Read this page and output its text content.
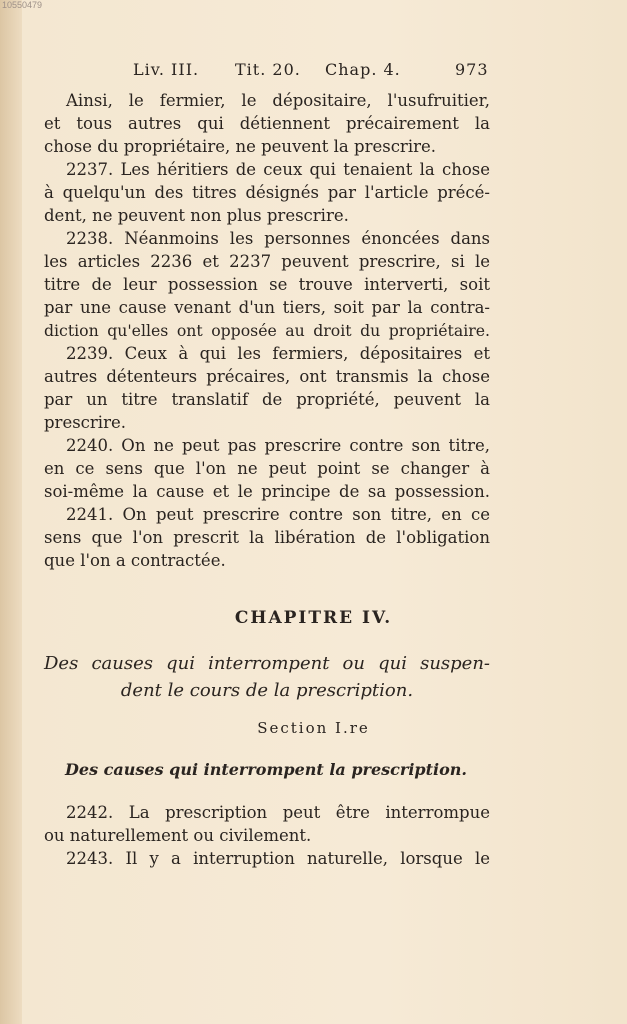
10550479
Liv. III. Tit. 20. Chap. 4.	973
Ainsi, le fermier, le dépositaire, l'usufruitier,
et tous autres qui détiennent précairement la
chose du propriétaire, ne peuvent la prescrire.
2237. Les héritiers de ceux qui tenaient la chose
à quelqu'un des titres désignés par l'article précé-
dent, ne peuvent non plus prescrire.
2238. Néanmoins les personnes énoncées dans
les articles 2236 et 2237 peuvent prescrire, si le
titre de leur possession se trouve interverti, soit
par une cause venant d'un tiers, soit par la contra-
diction qu'elles ont opposée au droit du propriétaire.
2239. Ceux à qui les fermiers, dépositaires et
autres détenteurs précaires, ont transmis la chose
par un titre translatif de propriété, peuvent la
prescrire.
2240. On ne peut pas prescrire contre son titre,
en ce sens que l'on ne peut point se changer à
soi-même la cause et le principe de sa possession.
2241. On peut prescrire contre son titre, en ce
sens que l'on prescrit la libération de l'obligation
que l'on a contractée.
CHAPITRE IV.
Des causes qui interrompent ou qui suspen-
dent le cours de la prescription.
Section I.re
Des causes qui interrompent la prescription.
2242. La prescription peut être interrompue
ou naturellement ou civilement.
2243. Il y a interruption naturelle, lorsque le
